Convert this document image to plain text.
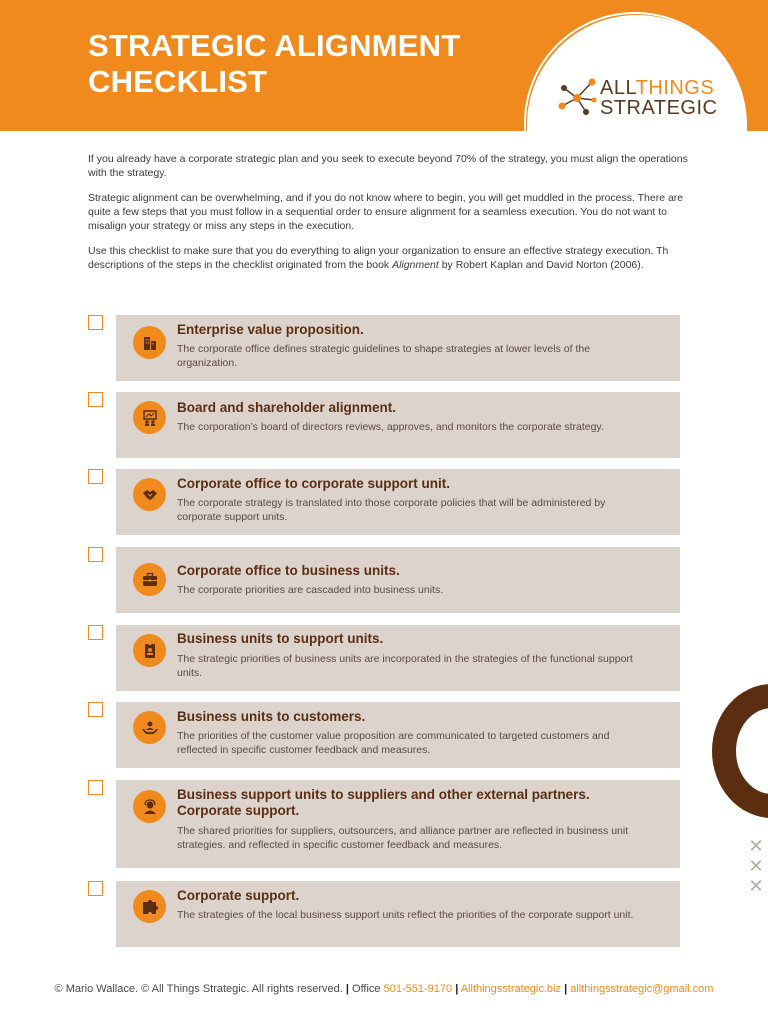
STRATEGIC ALIGNMENT
CHECKLIST	ALLTHINGS
STRATEGIC

If you already have a corporate strategic plan and you seek to execute beyond 70% of the strategy, you must align the operations with the strategy.

Strategic alignment can be overwhelming, and if you do not know where to begin, you will get muddled in the process. There are quite a few steps that you must follow in a sequential order to ensure alignment for a seamless execution. You do not want to misalign your strategy or miss any steps in the execution.

Use this checklist to make sure that you do everything to align your organization to ensure an effective strategy execution. Th descriptions of the steps in the checklist originated from the book Alignment by Robert Kaplan and David Norton (2006).

Enterprise value proposition.

The corporate office defines strategic guidelines to shape strategies at lower levels of the organization.

Board and shareholder alignment.

The corporation’s board of directors reviews, approves, and monitors the corporate strategy.

Corporate office to corporate support unit.

The corporate strategy is translated into those corporate policies that will be administered by corporate support units.

Corporate office to business units.

The corporate priorities are cascaded into business units.

Business units to support units.

The strategic priorities of business units are incorporated in the strategies of the functional support units.

Business units to customers.

The priorities of the customer value proposition are communicated to targeted customers and reflected in specific customer feedback and measures.

Business support units to suppliers and other external partners.
Corporate support.

The shared priorities for suppliers, outsourcers, and alliance partner are reflected in business unit strategies. and reflected in specific customer feedback and measures.

Corporate support.

The strategies of the local business support units reflect the priorities of the corporate support unit.

✕
✕
✕
© Mario Wallace. © All Things Strategic. All rights reserved. | Office 501-551-9170 | Allthingsstrategic.biz | allthingsstrategic@gmail.com
